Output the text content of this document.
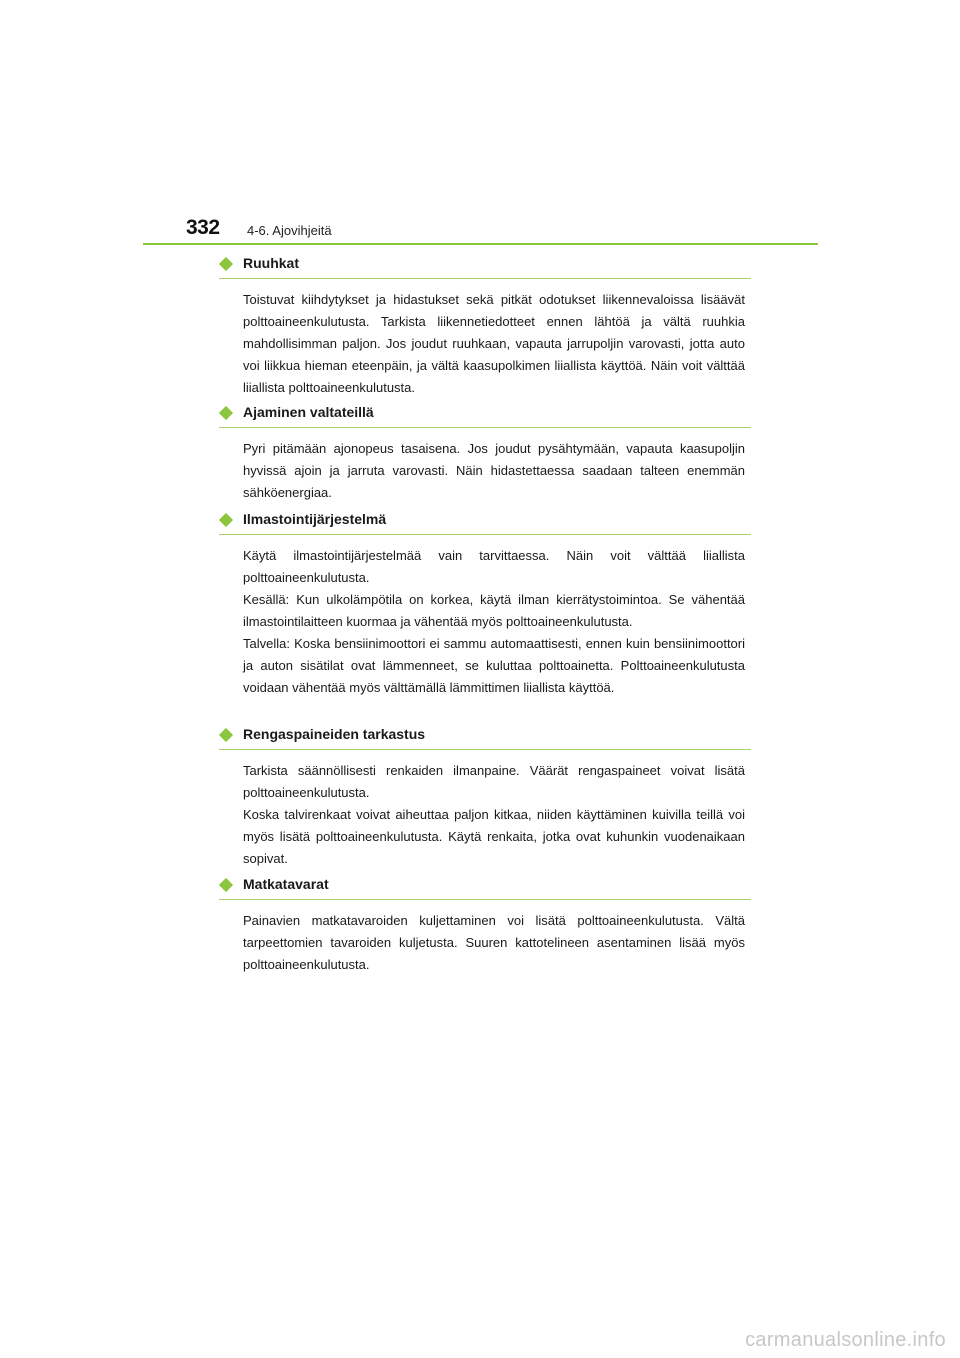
332 4-6. Ajovihjeitä
Ruuhkat

Toistuvat kiihdytykset ja hidastukset sekä pitkät odotukset liikennevaloissa lisäävät polttoaineenkulutusta. Tarkista liikennetiedotteet ennen lähtöä ja vältä ruuhkia mahdollisimman paljon. Jos joudut ruuhkaan, vapauta jarrupoljin varovasti, jotta auto voi liikkua hieman eteenpäin, ja vältä kaasupolkimen liiallista käyttöä. Näin voit välttää liiallista polttoaineenkulutusta.

Ajaminen valtateillä

Pyri pitämään ajonopeus tasaisena. Jos joudut pysähtymään, vapauta kaasupoljin hyvissä ajoin ja jarruta varovasti. Näin hidastettaessa saadaan talteen enemmän sähköenergiaa.

Ilmastointijärjestelmä

Käytä ilmastointijärjestelmää vain tarvittaessa. Näin voit välttää liiallista polttoaineenkulutusta.

Kesällä: Kun ulkolämpötila on korkea, käytä ilman kierrätystoimintoa. Se vähentää ilmastointilaitteen kuormaa ja vähentää myös polttoaineenkulutusta.

Talvella: Koska bensiinimoottori ei sammu automaattisesti, ennen kuin bensiinimoottori ja auton sisätilat ovat lämmenneet, se kuluttaa polttoainetta. Polttoaineenkulutusta voidaan vähentää myös välttämällä lämmittimen liiallista käyttöä.

Rengaspaineiden tarkastus

Tarkista säännöllisesti renkaiden ilmanpaine. Väärät rengaspaineet voivat lisätä polttoaineenkulutusta.

Koska talvirenkaat voivat aiheuttaa paljon kitkaa, niiden käyttäminen kuivilla teillä voi myös lisätä polttoaineenkulutusta. Käytä renkaita, jotka ovat kuhunkin vuodenaikaan sopivat.

Matkatavarat

Painavien matkatavaroiden kuljettaminen voi lisätä polttoaineenkulutusta. Vältä tarpeettomien tavaroiden kuljetusta. Suuren kattotelineen asentaminen lisää myös polttoaineenkulutusta.

carmanualsonline.info
